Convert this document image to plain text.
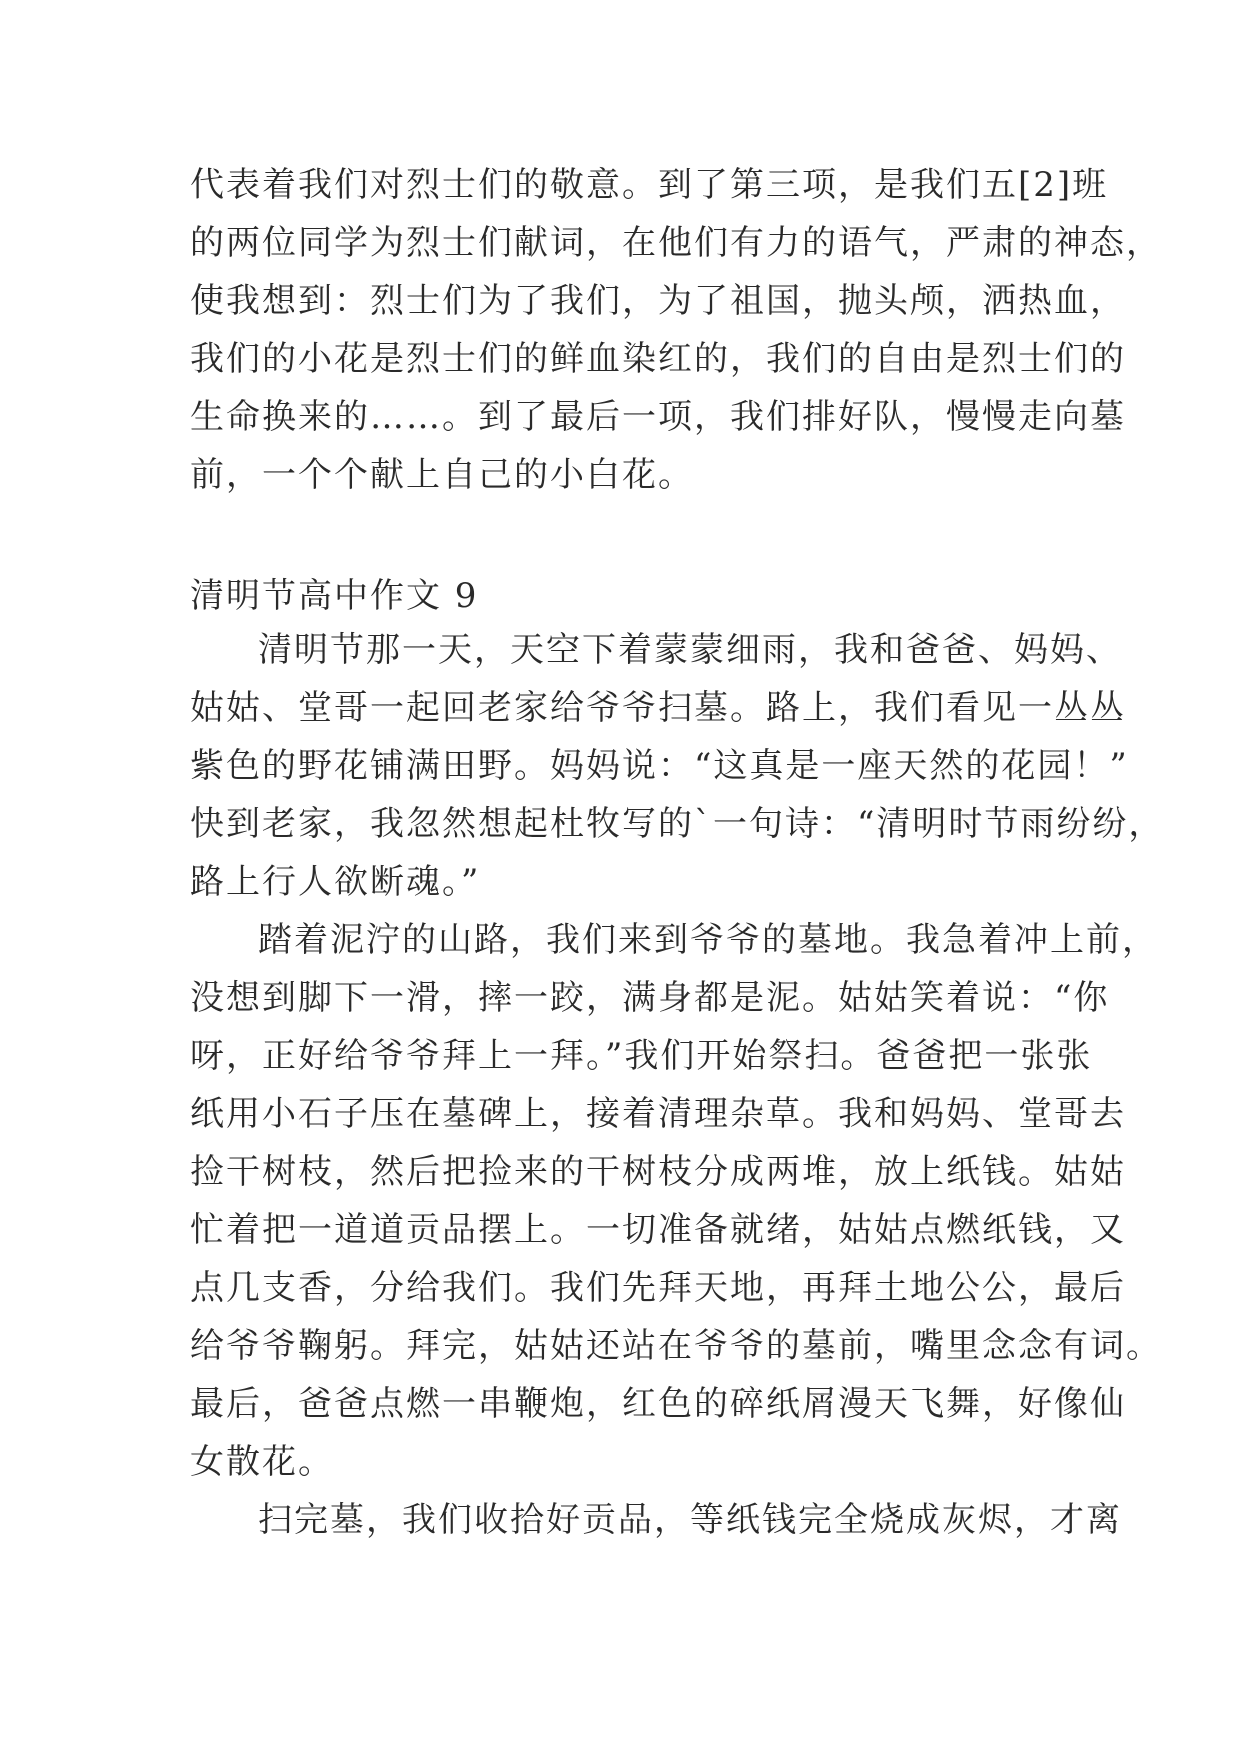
代表着我们对烈士们的敬意。到了第三项，是我们五[2]班
的两位同学为烈士们献词，在他们有力的语气，严肃的神态，
使我想到：烈士们为了我们，为了祖国，抛头颅，洒热血，
我们的小花是烈士们的鲜血染红的，我们的自由是烈士们的
生命换来的……。到了最后一项，我们排好队，慢慢走向墓
前，一个个献上自己的小白花。
清明节高中作文 9
清明节那一天，天空下着蒙蒙细雨，我和爸爸、妈妈、
姑姑、堂哥一起回老家给爷爷扫墓。路上，我们看见一丛丛
紫色的野花铺满田野。妈妈说：“这真是一座天然的花园！”
快到老家，我忽然想起杜牧写的`一句诗：“清明时节雨纷纷，
路上行人欲断魂。”
踏着泥泞的山路，我们来到爷爷的墓地。我急着冲上前，
没想到脚下一滑，摔一跤，满身都是泥。姑姑笑着说：“你
呀，正好给爷爷拜上一拜。”我们开始祭扫。爸爸把一张张
纸用小石子压在墓碑上，接着清理杂草。我和妈妈、堂哥去
捡干树枝，然后把捡来的干树枝分成两堆，放上纸钱。姑姑
忙着把一道道贡品摆上。一切准备就绪，姑姑点燃纸钱，又
点几支香，分给我们。我们先拜天地，再拜土地公公，最后
给爷爷鞠躬。拜完，姑姑还站在爷爷的墓前，嘴里念念有词。
最后，爸爸点燃一串鞭炮，红色的碎纸屑漫天飞舞，好像仙
女散花。
扫完墓，我们收拾好贡品，等纸钱完全烧成灰烬，才离
